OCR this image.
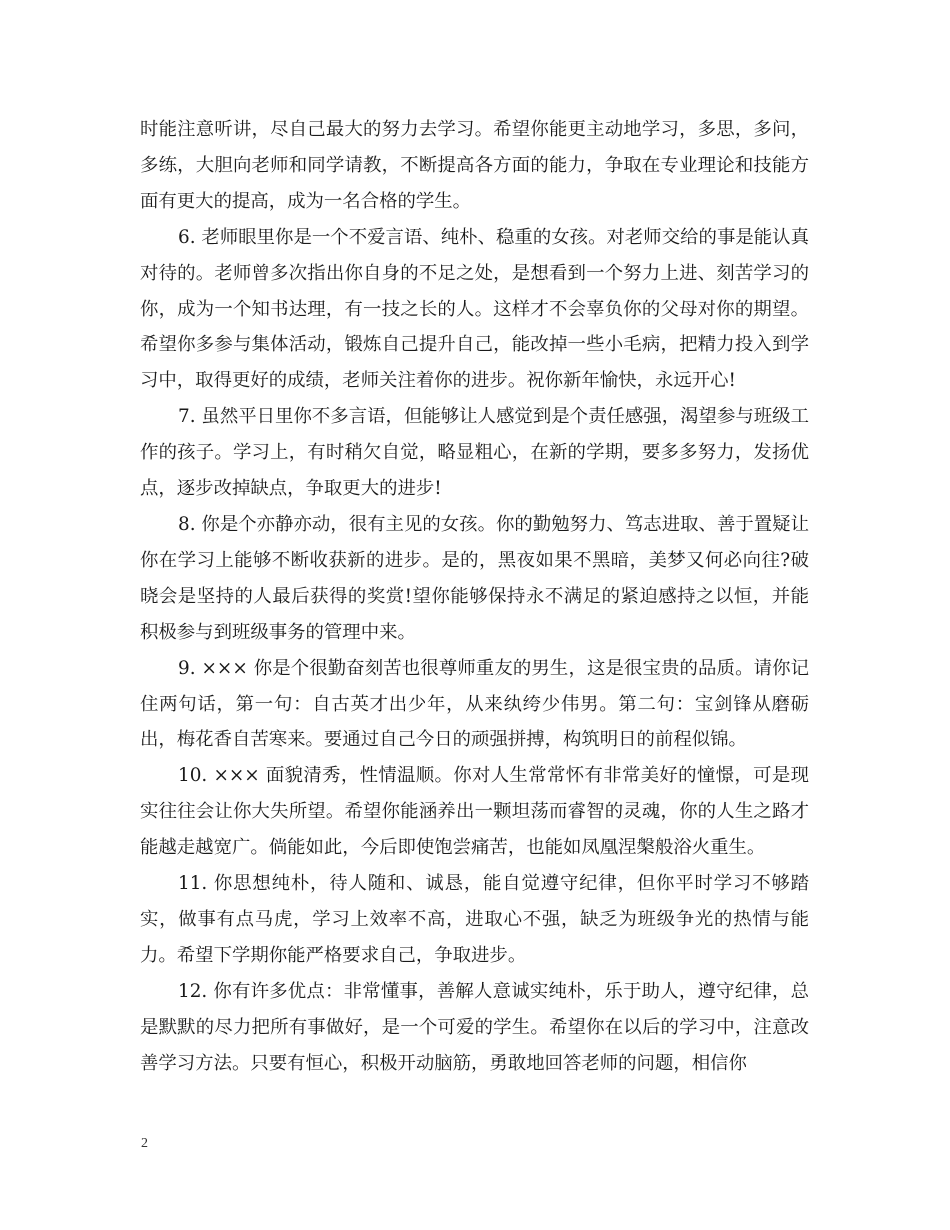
时能注意听讲，尽自己最大的努力去学习。希望你能更主动地学习，多思，多问，多练，大胆向老师和同学请教，不断提高各方面的能力，争取在专业理论和技能方面有更大的提高，成为一名合格的学生。

6. 老师眼里你是一个不爱言语、纯朴、稳重的女孩。对老师交给的事是能认真对待的。老师曾多次指出你自身的不足之处，是想看到一个努力上进、刻苦学习的你，成为一个知书达理，有一技之长的人。这样才不会辜负你的父母对你的期望。希望你多参与集体活动，锻炼自己提升自己，能改掉一些小毛病，把精力投入到学习中，取得更好的成绩，老师关注着你的进步。祝你新年愉快，永远开心!

7. 虽然平日里你不多言语，但能够让人感觉到是个责任感强，渴望参与班级工作的孩子。学习上，有时稍欠自觉，略显粗心，在新的学期，要多多努力，发扬优点，逐步改掉缺点，争取更大的进步!

8. 你是个亦静亦动，很有主见的女孩。你的勤勉努力、笃志进取、善于置疑让你在学习上能够不断收获新的进步。是的，黑夜如果不黑暗，美梦又何必向往?破晓会是坚持的人最后获得的奖赏!望你能够保持永不满足的紧迫感持之以恒，并能积极参与到班级事务的管理中来。

9. ××× 你是个很勤奋刻苦也很尊师重友的男生，这是很宝贵的品质。请你记住两句话，第一句：自古英才出少年，从来纨绔少伟男。第二句：宝剑锋从磨砺出，梅花香自苦寒来。要通过自己今日的顽强拼搏，构筑明日的前程似锦。

10. ××× 面貌清秀，性情温顺。你对人生常常怀有非常美好的憧憬，可是现实往往会让你大失所望。希望你能涵养出一颗坦荡而睿智的灵魂，你的人生之路才能越走越宽广。倘能如此，今后即使饱尝痛苦，也能如凤凰涅槃般浴火重生。

11. 你思想纯朴，待人随和、诚恳，能自觉遵守纪律，但你平时学习不够踏实，做事有点马虎，学习上效率不高，进取心不强，缺乏为班级争光的热情与能力。希望下学期你能严格要求自己，争取进步。

12. 你有许多优点：非常懂事，善解人意诚实纯朴，乐于助人，遵守纪律，总是默默的尽力把所有事做好，是一个可爱的学生。希望你在以后的学习中，注意改善学习方法。只要有恒心，积极开动脑筋，勇敢地回答老师的问题，相信你

2
